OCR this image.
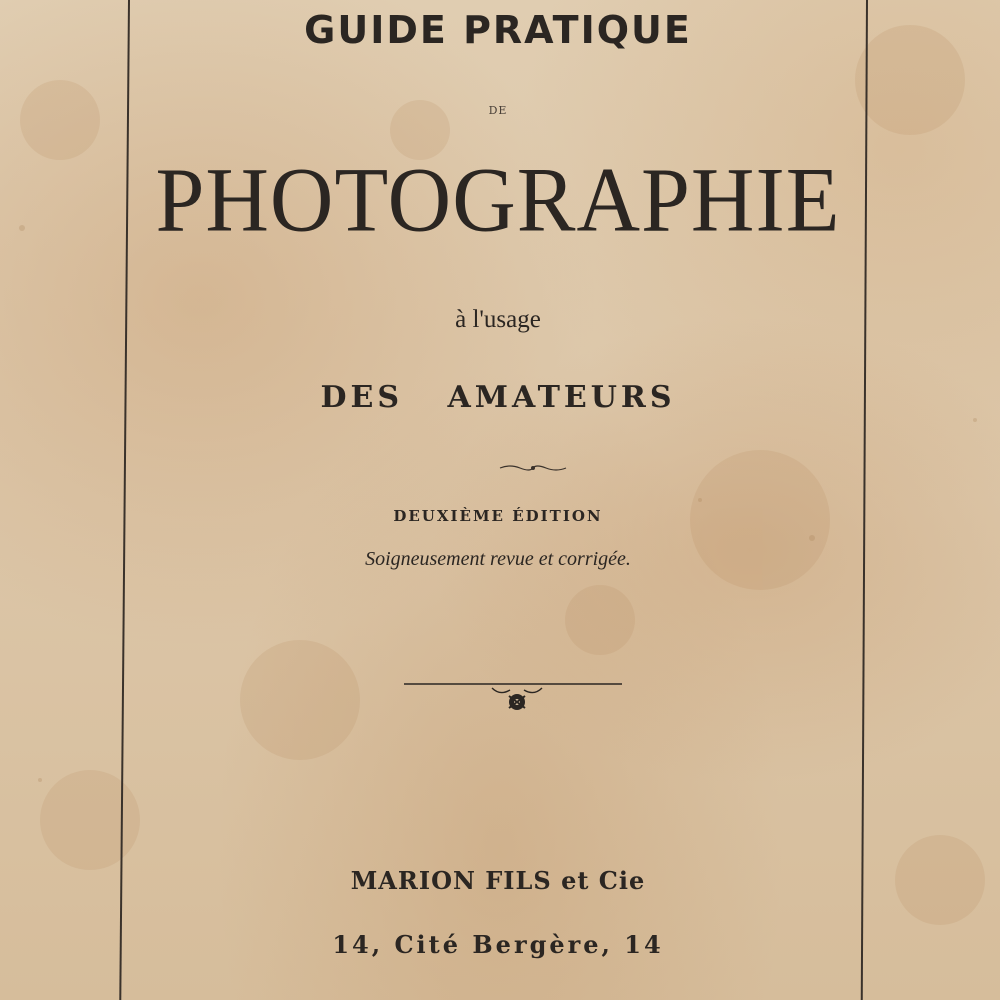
GUIDE PRATIQUE
DE
PHOTOGRAPHIE
à l'usage
DES AMATEURS
DEUXIÈME ÉDITION
Soigneusement revue et corrigée.
MARION FILS et Cie
14, Cité Bergère, 14
